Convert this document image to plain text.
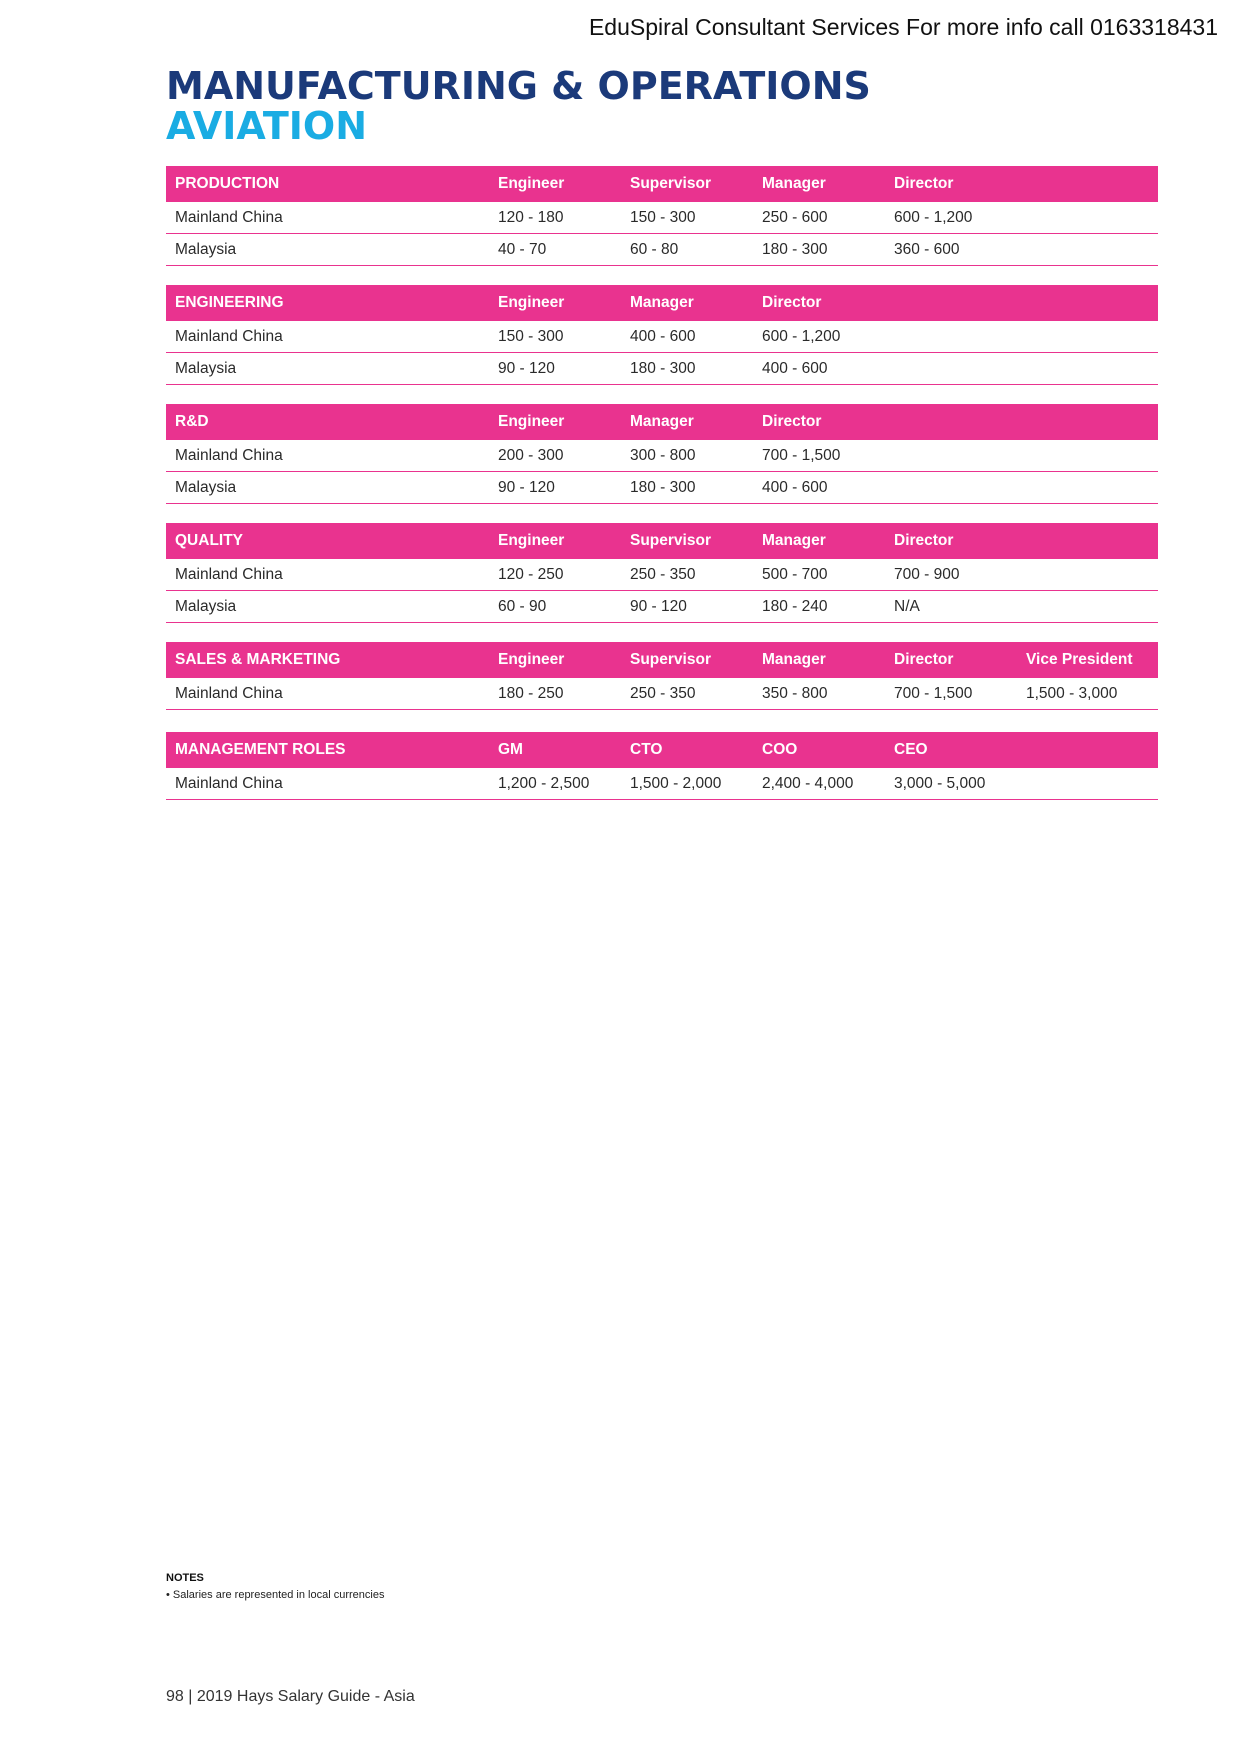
EduSpiral Consultant Services For more info call 0163318431
MANUFACTURING & OPERATIONS
AVIATION
PRODUCTION	Engineer	Supervisor	Manager	Director
Mainland China	120 - 180	150 - 300	250 - 600	600 - 1,200
Malaysia	40 - 70	60 - 80	180 - 300	360 - 600
ENGINEERING	Engineer	Manager	Director
Mainland China	150 - 300	400 - 600	600 - 1,200
Malaysia	90 - 120	180 - 300	400 - 600
R&D	Engineer	Manager	Director
Mainland China	200 - 300	300 - 800	700 - 1,500
Malaysia	90 - 120	180 - 300	400 - 600
QUALITY	Engineer	Supervisor	Manager	Director
Mainland China	120 - 250	250 - 350	500 - 700	700 - 900
Malaysia	60 - 90	90 - 120	180 - 240	N/A
SALES & MARKETING	Engineer	Supervisor	Manager	Director	Vice President
Mainland China	180 - 250	250 - 350	350 - 800	700 - 1,500	1,500 - 3,000
MANAGEMENT ROLES	GM	CTO	COO	CEO
Mainland China	1,200 - 2,500	1,500 - 2,000	2,400 - 4,000	3,000 - 5,000
NOTES
• Salaries are represented in local currencies
98 | 2019 Hays Salary Guide - Asia
